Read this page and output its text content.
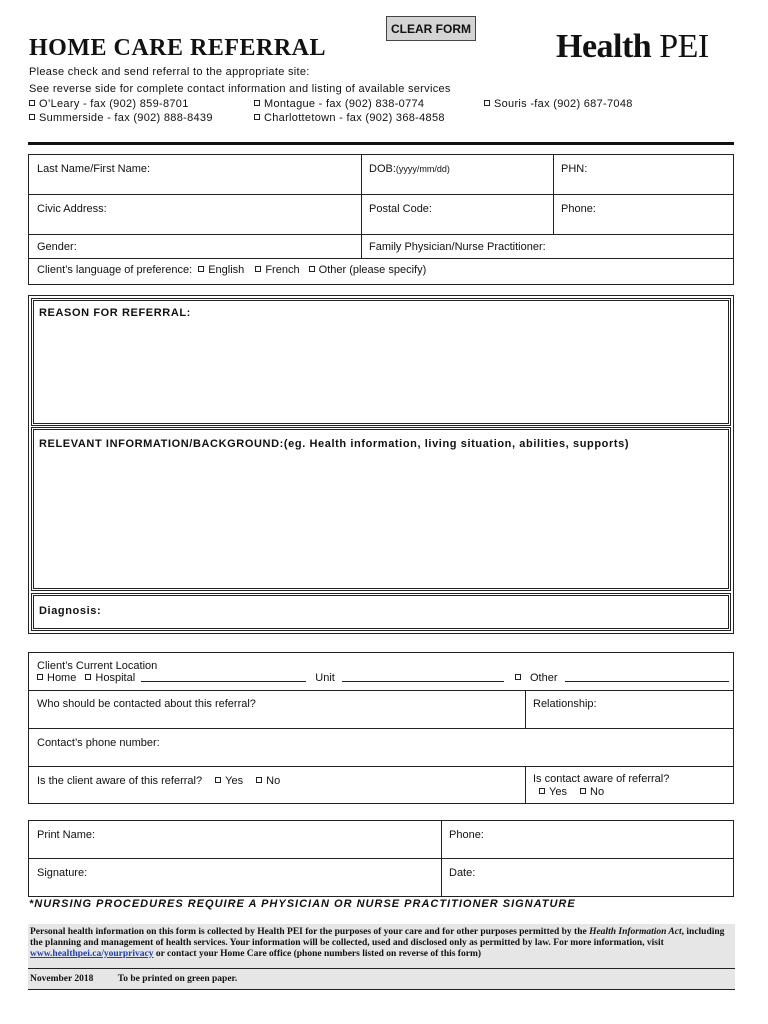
HOME CARE REFERRAL
CLEAR FORM	Health PEI
Please check and send referral to the appropriate site:
See reverse side for complete contact information and listing of available services
O’Leary - fax (902) 859-8701	Montague - fax (902) 838-0774	Souris -fax (902) 687-7048
Summerside - fax (902) 888-8439	Charlottetown - fax (902) 368-4858
Last Name/First Name:	DOB:(yyyy/mm/dd)	PHN:
Civic Address:	Postal Code:	Phone:
Gender:	Family Physician/Nurse Practitioner:
Client’s language of preference: English French Other (please specify)
REASON FOR REFERRAL:
RELEVANT INFORMATION/BACKGROUND:(eg. Health information, living situation, abilities, supports)
Diagnosis:
Client’s Current Location
Home Hospital	Unit	Other
Who should be contacted about this referral?	Relationship:
Contact’s phone number:
Is the client aware of this referral? Yes No	Is contact aware of referral?
Yes No
Print Name:	Phone:
Signature:	Date:
*NURSING PROCEDURES REQUIRE A PHYSICIAN OR NURSE PRACTITIONER SIGNATURE
Personal health information on this form is collected by Health PEI for the purposes of your care and for other purposes permitted by the Health Information Act, including the planning and management of health services. Your information will be collected, used and disclosed only as permitted by law. For more information, visit www.healthpei.ca/yourprivacy or contact your Home Care office (phone numbers listed on reverse of this form)
November 2018	To be printed on green paper.
